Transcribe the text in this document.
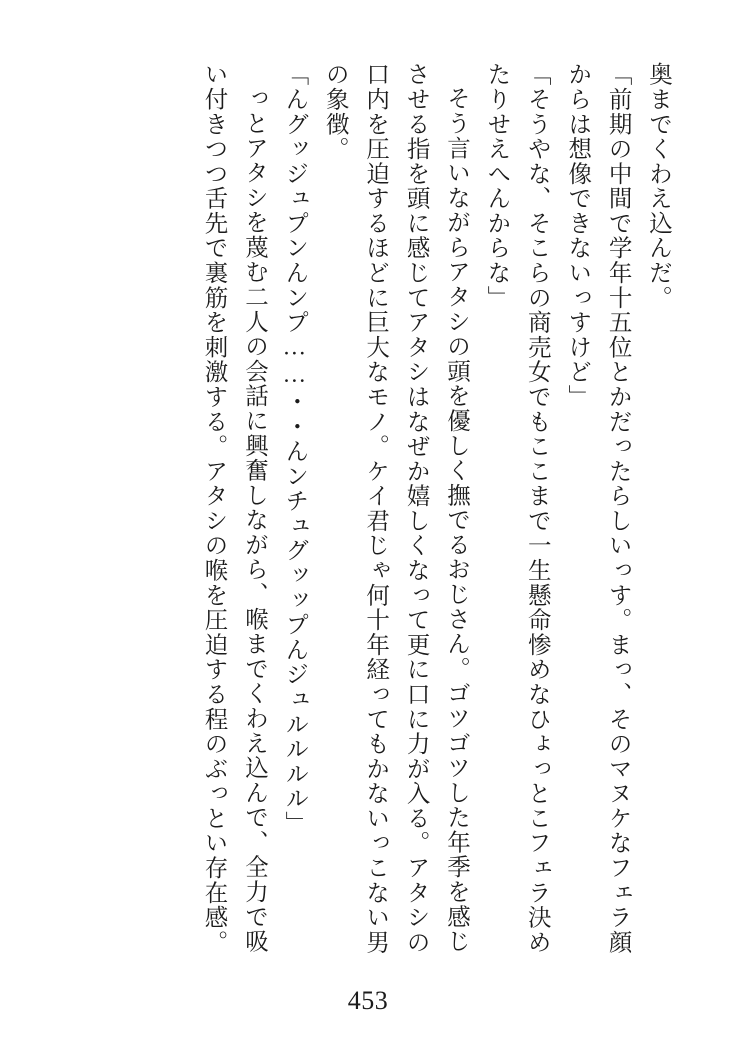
奥までくわえ込んだ。

「前期の中間で学年十五位とかだったらしいっす。まっ、そのマヌケなフェラ顔からは想像できないっすけど」

「そうやな、そこらの商売女でもここまで一生懸命惨めなひょっとこフェラ決めたりせえへんからな」

そう言いながらアタシの頭を優しく撫でるおじさん。ゴツゴツした年季を感じさせる指を頭に感じてアタシはなぜか嬉しくなって更に口に力が入る。アタシの口内を圧迫するほどに巨大なモノ。ケイ君じゃ何十年経ってもかないっこない男の象徴。

「んグッジュプンんンプ……・・んンチュグッップんジュルルルル」

っとアタシを蔑む二人の会話に興奮しながら、喉までくわえ込んで、全力で吸い付きつつ舌先で裏筋を刺激する。アタシの喉を圧迫する程のぶっとい存在感。

453
